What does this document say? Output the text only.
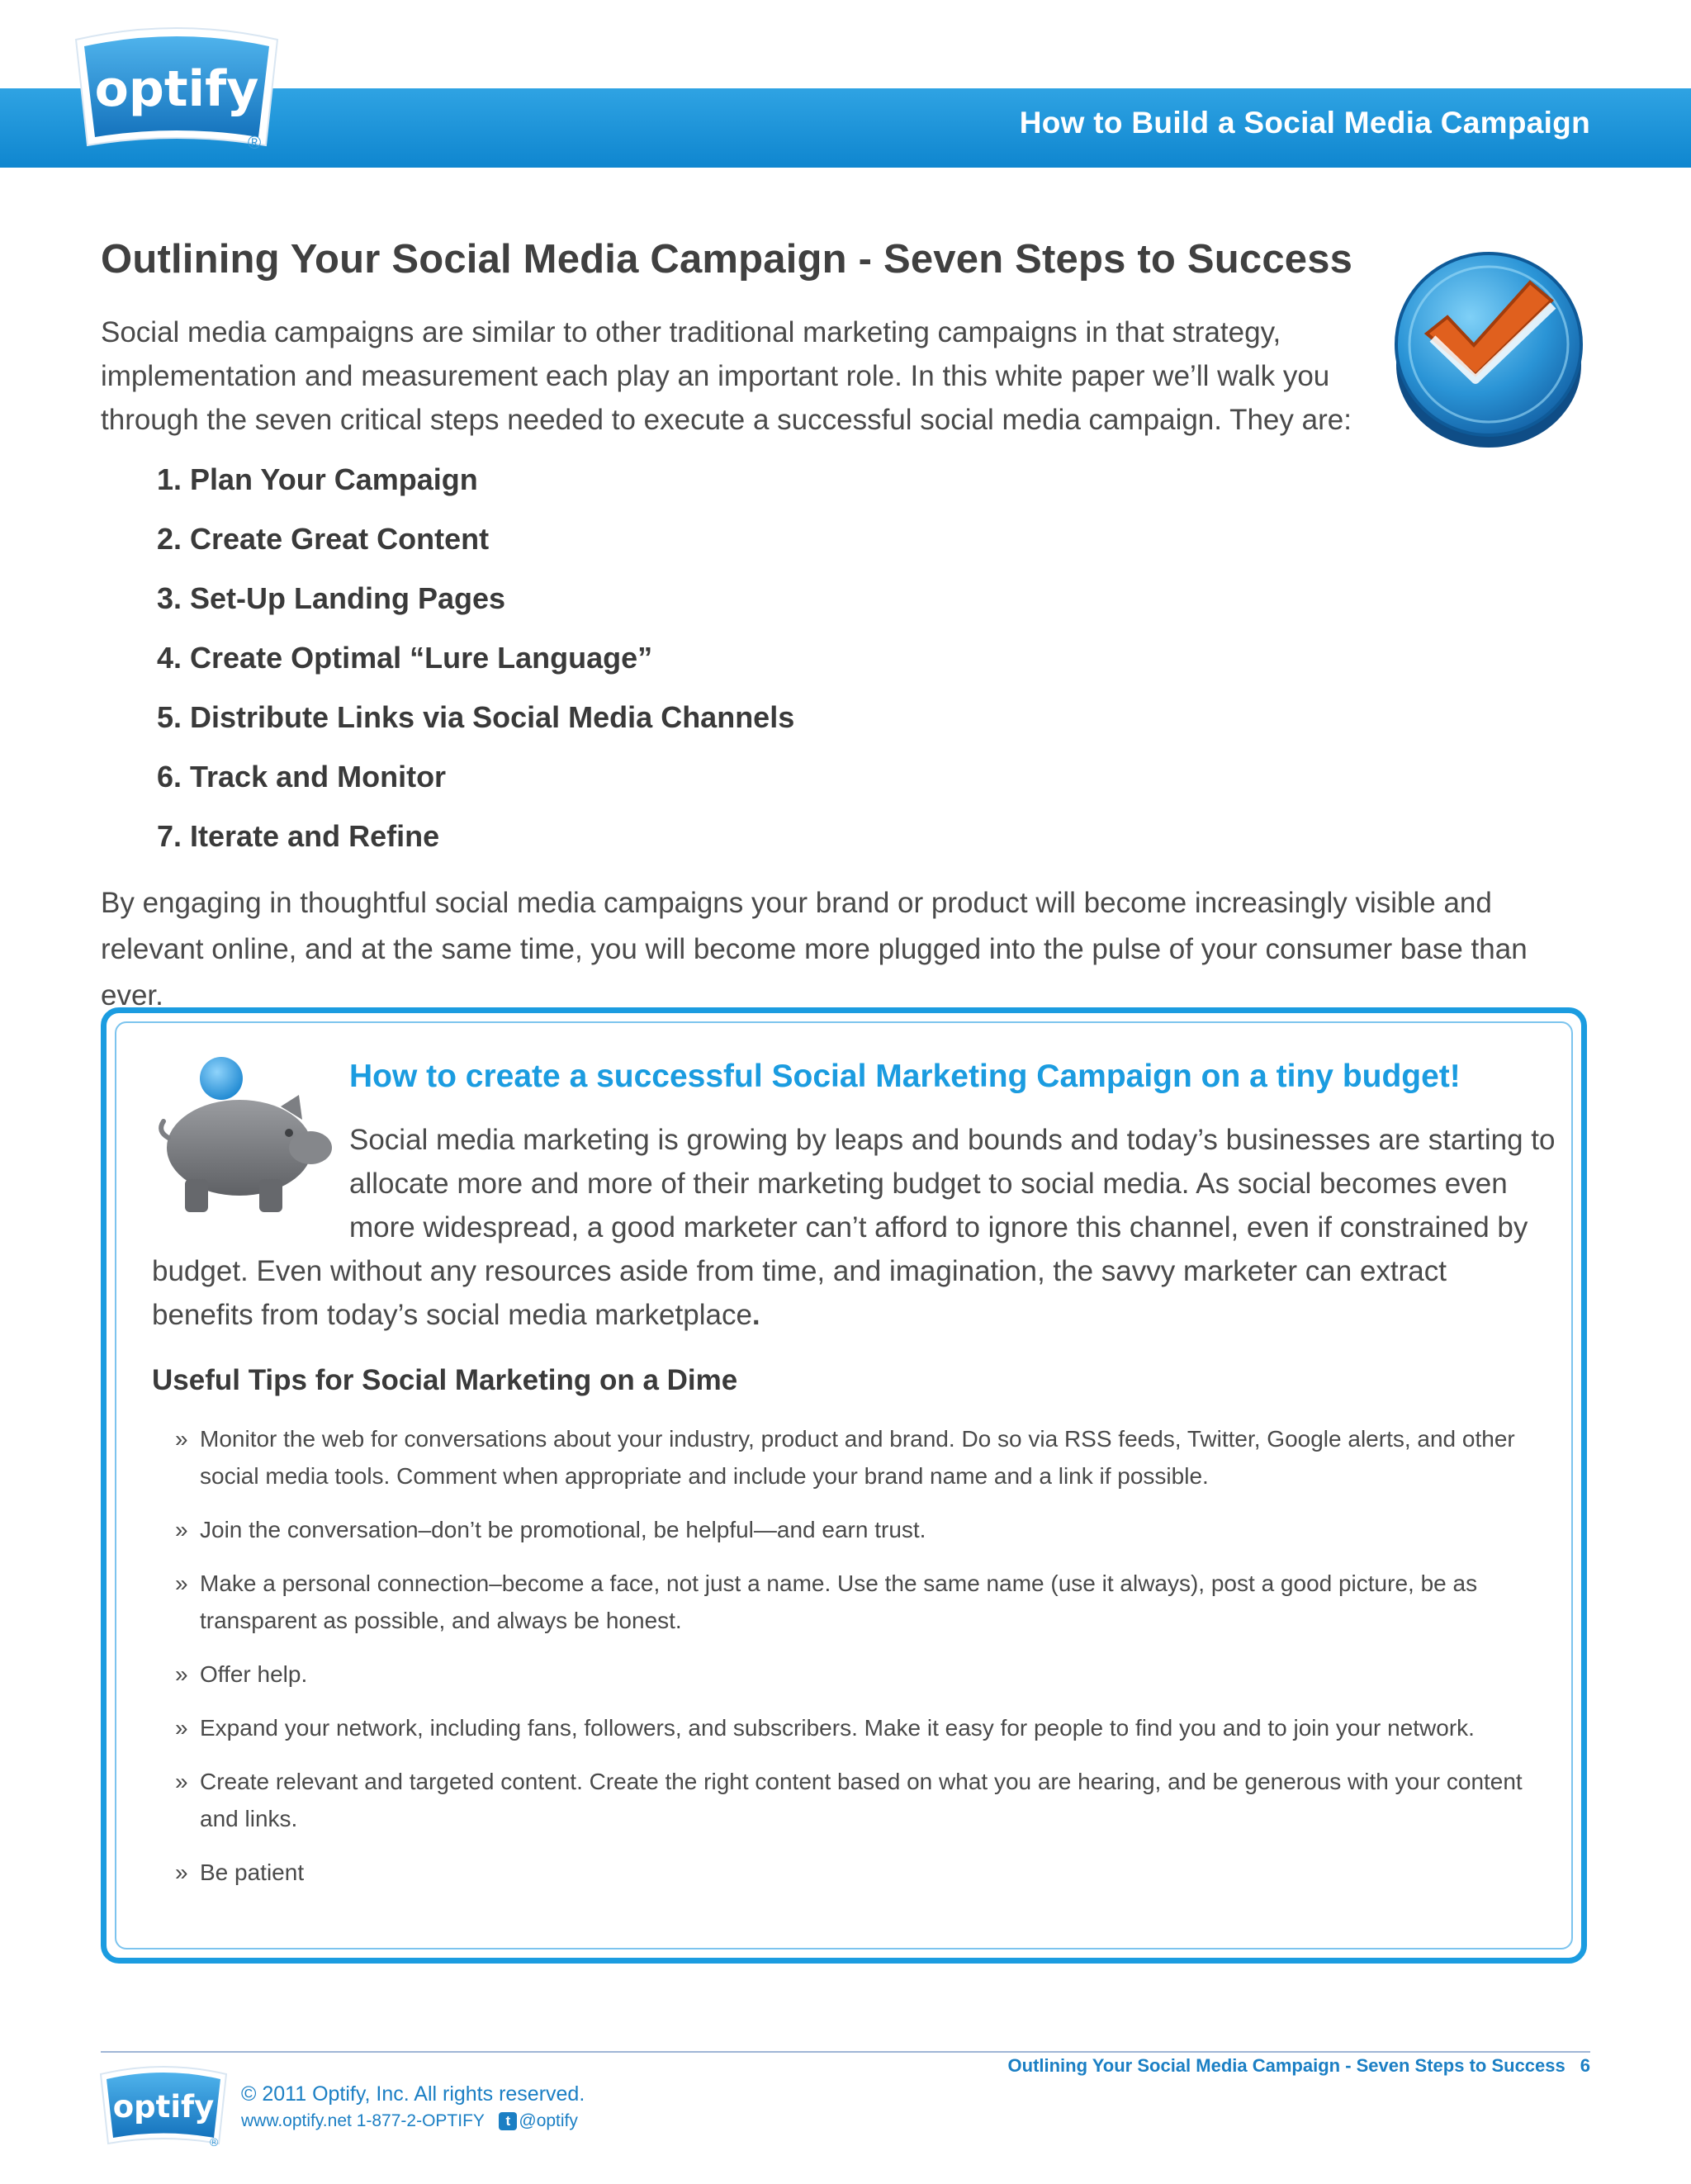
How to Build a Social Media Campaign
optify
®
Outlining Your Social Media Campaign - Seven Steps to Success
Social media campaigns are similar to other traditional marketing campaigns in that strategy, implementation and measurement each play an important role. In this white paper we’ll walk you through the seven critical steps needed to execute a successful social media campaign. They are:
1. Plan Your Campaign
2. Create Great Content
3. Set-Up Landing Pages
4. Create Optimal “Lure Language”
5. Distribute Links via Social Media Channels
6. Track and Monitor
7. Iterate and Refine
By engaging in thoughtful social media campaigns your brand or product will become increasingly visible and relevant online, and at the same time, you will become more plugged into the pulse of your consumer base than ever.
How to create a successful Social Marketing Campaign on a tiny budget!
Social media marketing is growing by leaps and bounds and today’s businesses are starting to allocate more and more of their marketing budget to social media. As social becomes even more widespread, a good marketer can’t afford to ignore this channel, even if constrained by budget. Even without any resources aside from time, and imagination, the savvy marketer can extract benefits from today’s social media marketplace.
Useful Tips for Social Marketing on a Dime
» Monitor the web for conversations about your industry, product and brand. Do so via RSS feeds, Twitter, Google alerts, and other social media tools. Comment when appropriate and include your brand name and a link if possible.
» Join the conversation–don’t be promotional, be helpful—and earn trust.
» Make a personal connection–become a face, not just a name. Use the same name (use it always), post a good picture, be as transparent as possible, and always be honest.
» Offer help.
» Expand your network, including fans, followers, and subscribers. Make it easy for people to find you and to join your network.
» Create relevant and targeted content. Create the right content based on what you are hearing, and be generous with your content and links.
» Be patient
Outlining Your Social Media Campaign - Seven Steps to Success 6
optify
®
© 2011 Optify, Inc. All rights reserved.
www.optify.net 1-877-2-OPTIFY t @optify
